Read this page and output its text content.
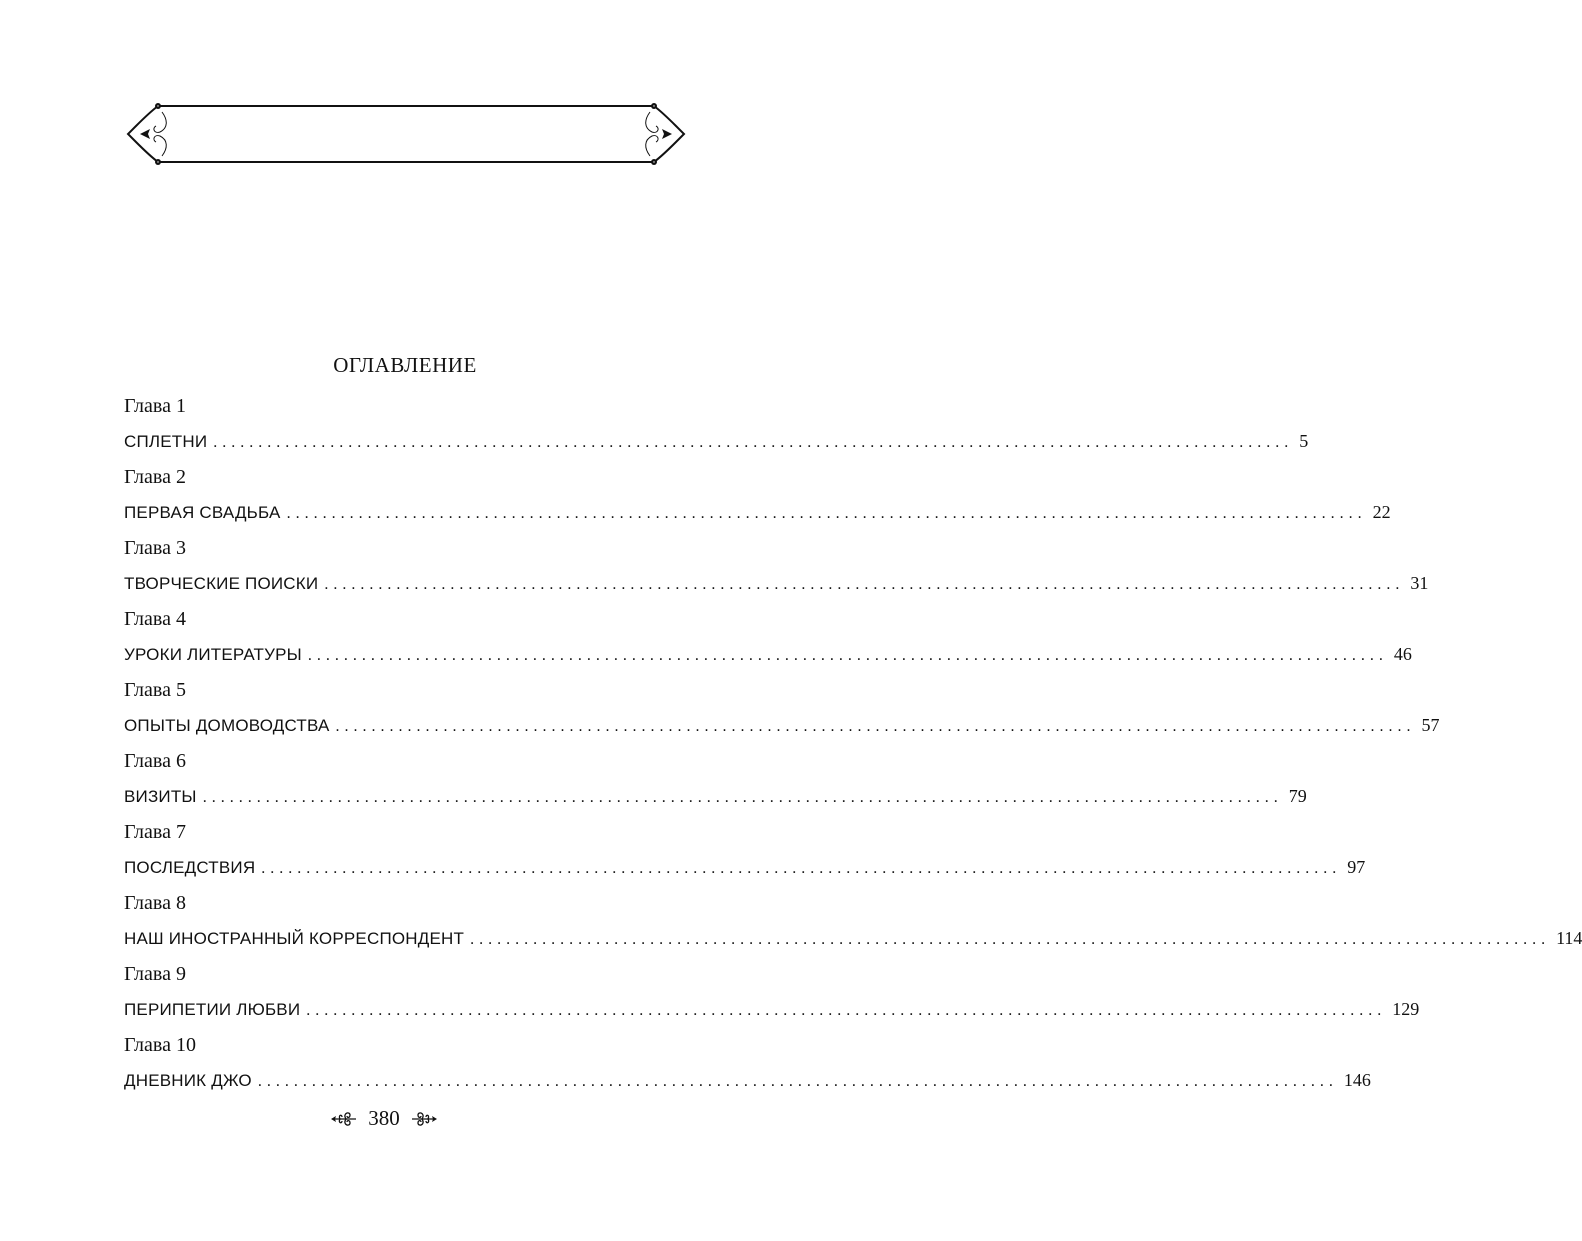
ОГЛАВЛЕНИЕ
Глава 1
СПЛЕТНИ ........................................................................................................................ 5
Глава 2
ПЕРВАЯ СВАДЬБА ........................................................................................................................ 22
Глава 3
ТВОРЧЕСКИЕ ПОИСКИ ........................................................................................................................ 31
Глава 4
УРОКИ ЛИТЕРАТУРЫ ........................................................................................................................ 46
Глава 5
ОПЫТЫ ДОМОВОДСТВА ........................................................................................................................ 57
Глава 6
ВИЗИТЫ ........................................................................................................................ 79
Глава 7
ПОСЛЕДСТВИЯ ........................................................................................................................ 97
Глава 8
НАШ ИНОСТРАННЫЙ КОРРЕСПОНДЕНТ ........................................................................................................................ 114
Глава 9
ПЕРИПЕТИИ ЛЮБВИ ........................................................................................................................ 129
Глава 10
ДНЕВНИК ДЖО ........................................................................................................................ 146
380
